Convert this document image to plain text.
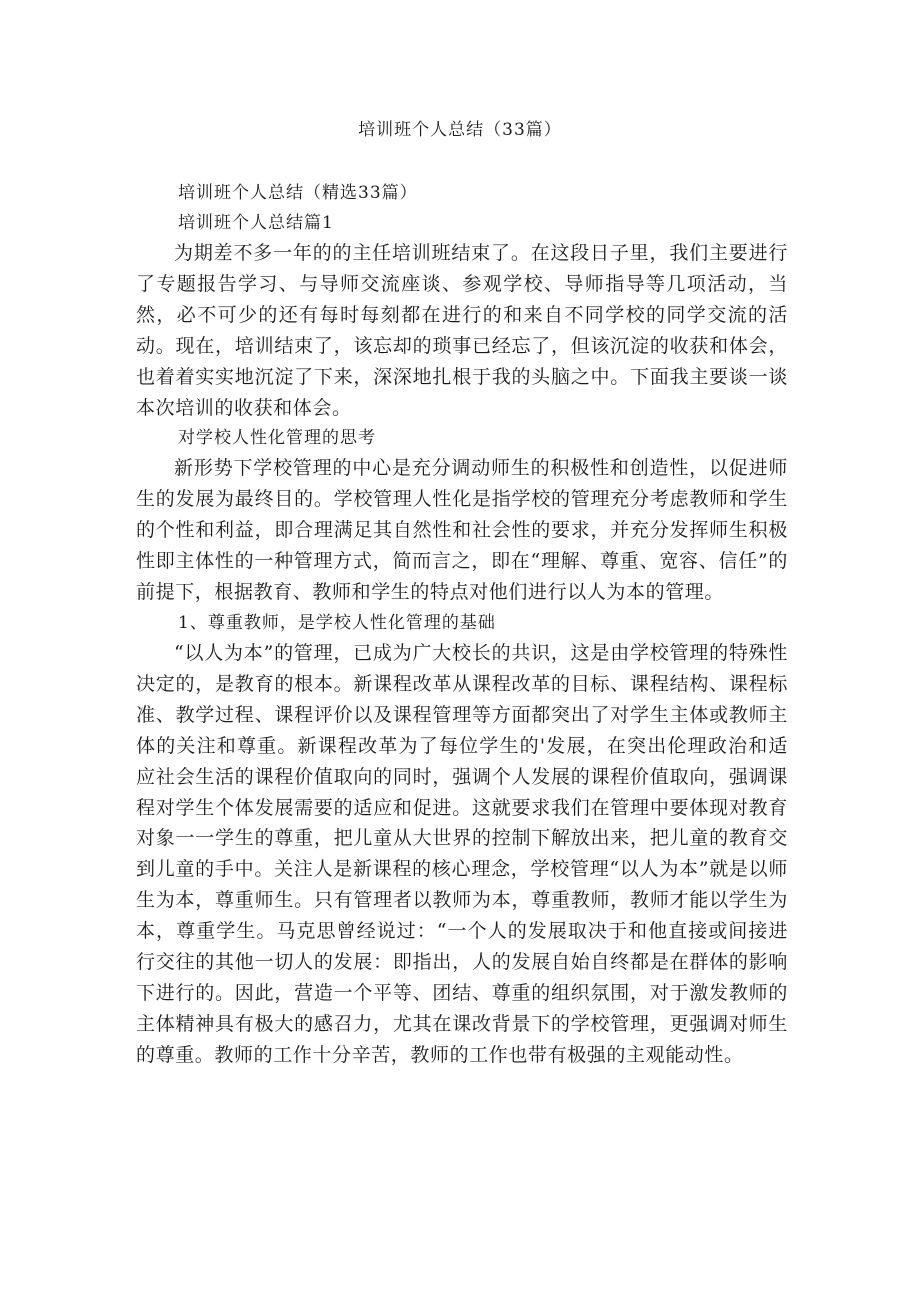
培训班个人总结（33篇）

培训班个人总结（精选33篇）

培训班个人总结篇1

为期差不多一年的的主任培训班结束了。在这段日子里，我们主要进行了专题报告学习、与导师交流座谈、参观学校、导师指导等几项活动，当然，必不可少的还有每时每刻都在进行的和来自不同学校的同学交流的活动。现在，培训结束了，该忘却的琐事已经忘了，但该沉淀的收获和体会，也着着实实地沉淀了下来，深深地扎根于我的头脑之中。下面我主要谈一谈本次培训的收获和体会。

对学校人性化管理的思考

新形势下学校管理的中心是充分调动师生的积极性和创造性，以促进师生的发展为最终目的。学校管理人性化是指学校的管理充分考虑教师和学生的个性和利益，即合理满足其自然性和社会性的要求，并充分发挥师生积极性即主体性的一种管理方式，简而言之，即在“理解、尊重、宽容、信任”的前提下，根据教育、教师和学生的特点对他们进行以人为本的管理。

1、尊重教师，是学校人性化管理的基础

“以人为本”的管理，已成为广大校长的共识，这是由学校管理的特殊性决定的，是教育的根本。新课程改革从课程改革的目标、课程结构、课程标准、教学过程、课程评价以及课程管理等方面都突出了对学生主体或教师主体的关注和尊重。新课程改革为了每位学生的'发展，在突出伦理政治和适应社会生活的课程价值取向的同时，强调个人发展的课程价值取向，强调课程对学生个体发展需要的适应和促进。这就要求我们在管理中要体现对教育对象一一学生的尊重，把儿童从大世界的控制下解放出来，把儿童的教育交到儿童的手中。关注人是新课程的核心理念，学校管理“以人为本”就是以师生为本，尊重师生。只有管理者以教师为本，尊重教师，教师才能以学生为本，尊重学生。马克思曾经说过：“一个人的发展取决于和他直接或间接进行交往的其他一切人的发展：即指出，人的发展自始自终都是在群体的影响下进行的。因此，营造一个平等、团结、尊重的组织氛围，对于激发教师的主体精神具有极大的感召力，尤其在课改背景下的学校管理，更强调对师生的尊重。教师的工作十分辛苦，教师的工作也带有极强的主观能动性。
